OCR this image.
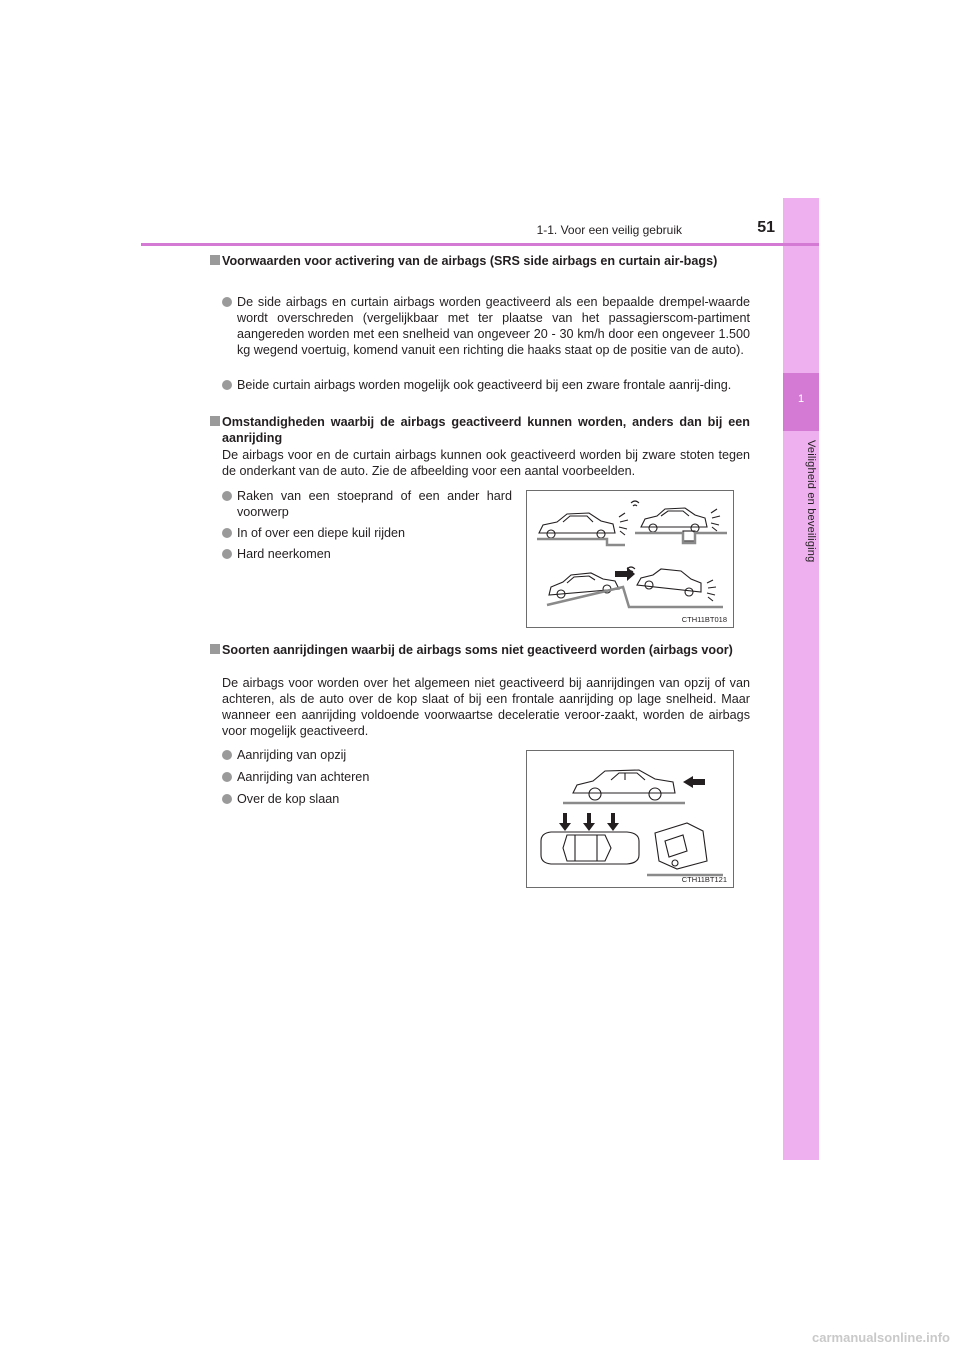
1
Veiligheid en beveiliging
1-1. Voor een veilig gebruik	51
Voorwaarden voor activering van de airbags (SRS side airbags en curtain air-bags)
De side airbags en curtain airbags worden geactiveerd als een bepaalde drempel-waarde wordt overschreden (vergelijkbaar met ter plaatse van het passagierscom-partiment aangereden worden met een snelheid van ongeveer 20 - 30 km/h door een ongeveer 1.500 kg wegend voertuig, komend vanuit een richting die haaks staat op de positie van de auto).
Beide curtain airbags worden mogelijk ook geactiveerd bij een zware frontale aanrij-ding.
Omstandigheden waarbij de airbags geactiveerd kunnen worden, anders dan bij een aanrijding
De airbags voor en de curtain airbags kunnen ook geactiveerd worden bij zware stoten tegen de onderkant van de auto. Zie de afbeelding voor een aantal voorbeelden.
Raken van een stoeprand of een ander hard voorwerp
In of over een diepe kuil rijden
Hard neerkomen
CTH11BT018
Soorten aanrijdingen waarbij de airbags soms niet geactiveerd worden (airbags voor)
De airbags voor worden over het algemeen niet geactiveerd bij aanrijdingen van opzij of van achteren, als de auto over de kop slaat of bij een frontale aanrijding op lage snelheid. Maar wanneer een aanrijding voldoende voorwaartse deceleratie veroor-zaakt, worden de airbags voor mogelijk geactiveerd.
Aanrijding van opzij
Aanrijding van achteren
Over de kop slaan
CTH11BT121
carmanualsonline.info
